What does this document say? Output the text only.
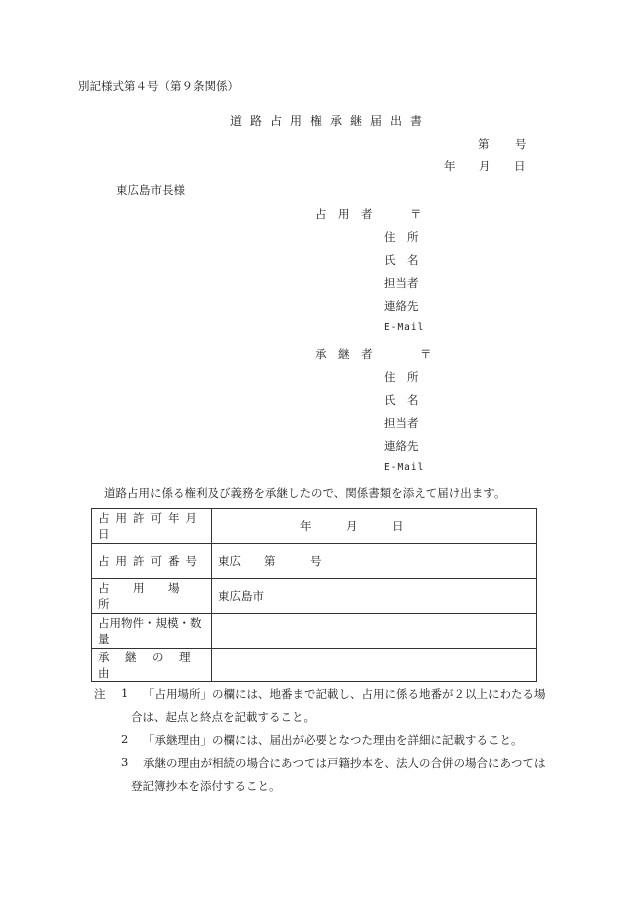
別記様式第４号（第９条関係）
道路占用権承継届出書
第 号
年 月 日
東広島市長様
占　用　者	〒
住　所
氏　名
担当者
連絡先
E-Mail
承　継　者	〒
住　所
氏　名
担当者
連絡先
E-Mail
道路占用に係る権利及び義務を承継したので、関係書類を添えて届け出ます。
占用許可年月日	年　　　月　　　日
占用許可番号	東広　　第　　　号
占　用　場　所	東広島市
占用物件・規模・数量	
承　継　の　理　由	
注 1 「占用場所」の欄には、地番まで記載し、占用に係る地番が２以上にわたる場
合は、起点と終点を記載すること。
2 「承継理由」の欄には、届出が必要となつた理由を詳細に記載すること。
3 承継の理由が相続の場合にあつては戸籍抄本を、法人の合併の場合にあつては
登記簿抄本を添付すること。
